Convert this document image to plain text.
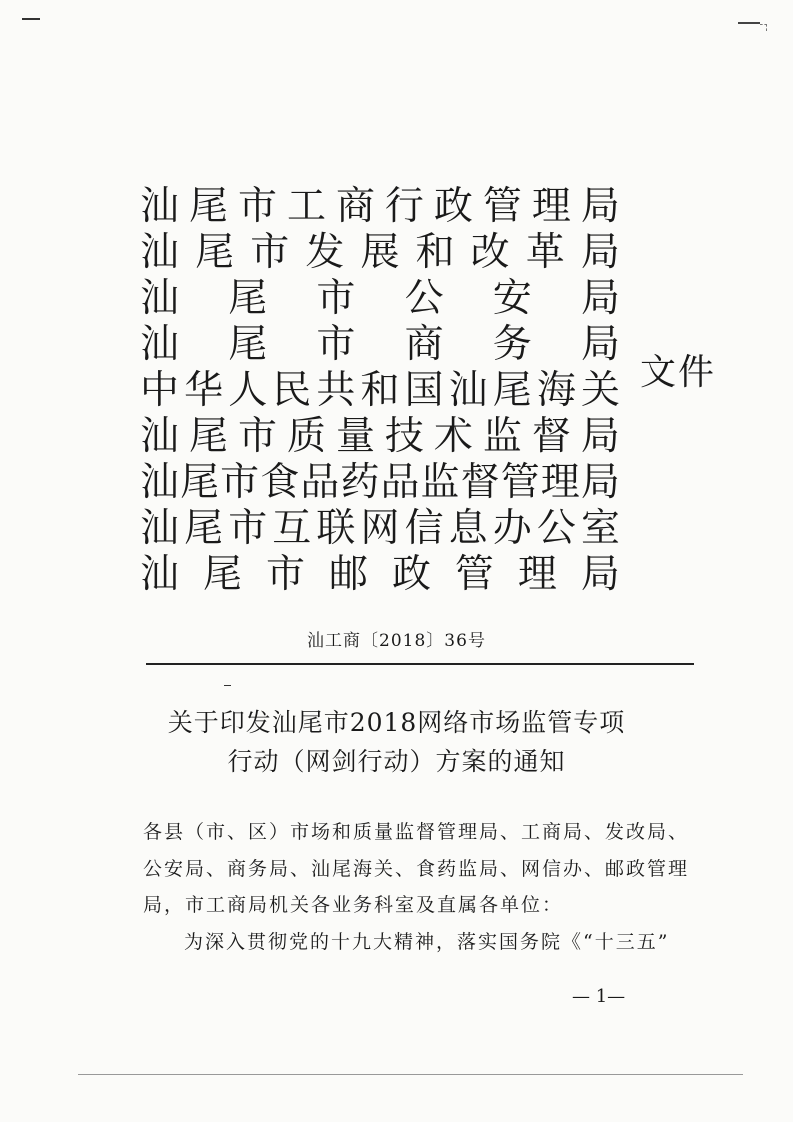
汕 尾 市 工 商 行 政 管 理 局
汕 尾 市 发 展 和 改 革 局
汕 尾 市 公 安 局
汕 尾 市 商 务 局
中 华 人 民 共 和 国 汕 尾 海 关
汕 尾 市 质 量 技 术 监 督 局
汕 尾 市 食 品 药 品 监 督 管 理 局
汕 尾 市 互 联 网 信 息 办 公 室
汕 尾 市 邮 政 管 理 局
文件
汕工商〔2018〕36号
关于印发汕尾市2018网络市场监管专项
行动（网剑行动）方案的通知
各县（市、区）市场和质量监督管理局、工商局、发改局、
公安局、商务局、汕尾海关、食药监局、网信办、邮政管理
局，市工商局机关各业务科室及直属各单位：
为深入贯彻党的十九大精神，落实国务院《“十三五”
— 1—
